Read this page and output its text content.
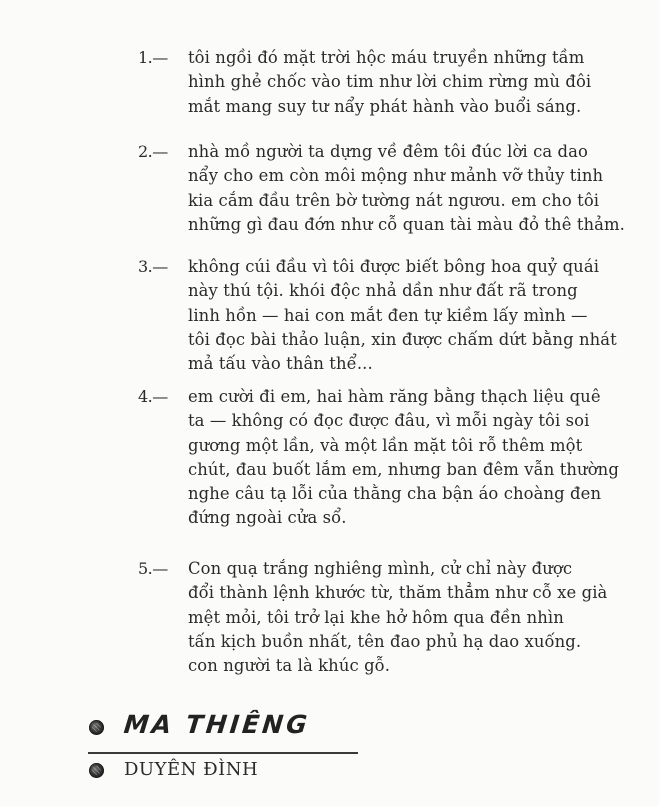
1.—	tôi ngồi đó mặt trời hộc máu truyền những tầm
hình ghẻ chốc vào tim như lời chim rừng mù đôi
mắt mang suy tư nẩy phát hành vào buổi sáng.
2.—	nhà mồ người ta dựng về đêm tôi đúc lời ca dao
nẩy cho em còn môi mộng như mảnh vỡ thủy tinh
kia cắm đầu trên bờ tường nát ngươu. em cho tôi
những gì đau đớn như cỗ quan tài màu đỏ thê thảm.
3.—	không cúi đầu vì tôi được biết bông hoa quỷ quái
này thú tội. khói độc nhả dần như đất rã trong
linh hồn — hai con mắt đen tự kiềm lấy mình —
tôi đọc bài thảo luận, xin được chấm dứt bằng nhát
mả tấu vào thân thể...
4.—	em cười đi em, hai hàm răng bằng thạch liệu quê
ta — không có đọc được đâu, vì mỗi ngày tôi soi
gương một lần, và một lần mặt tôi rỗ thêm một
chút, đau buốt lắm em, nhưng ban đêm vẫn thường
nghe câu tạ lỗi của thằng cha bận áo choàng đen
đứng ngoài cửa sổ.
5.—	Con quạ trắng nghiêng mình, cử chỉ này được
đổi thành lệnh khước từ, thăm thẳm như cỗ xe già
mệt mỏi, tôi trở lại khe hở hôm qua đền nhìn
tấn kịch buồn nhất, tên đao phủ hạ dao xuống.
con người ta là khúc gỗ.
MA THIÊNG
DUYÊN ĐÌNH
